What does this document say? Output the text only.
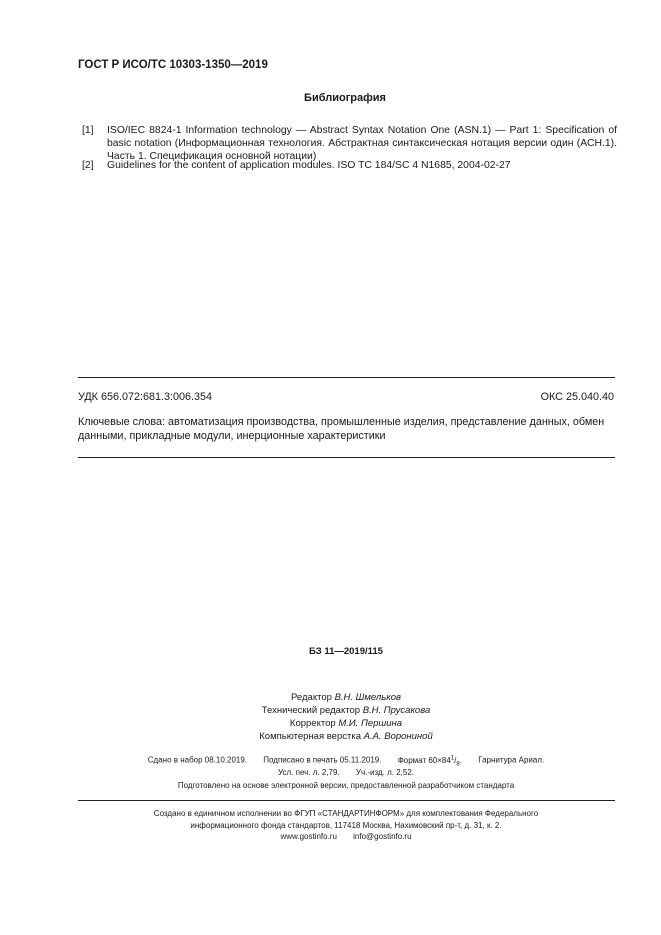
ГОСТ Р ИСО/ТС 10303-1350—2019
Библиография
[1] ISO/IEC 8824-1 Information technology — Abstract Syntax Notation One (ASN.1) — Part 1: Specification of basic notation (Информационная технология. Абстрактная синтаксическая нотация версии один (АСН.1). Часть 1. Спецификация основной нотации)
[2] Guidelines for the content of application modules. ISO TC 184/SC 4 N1685, 2004-02-27
УДК 656.072:681.3:006.354	ОКС 25.040.40
Ключевые слова: автоматизация производства, промышленные изделия, представление данных, обмен данными, прикладные модули, инерционные характеристики
БЗ 11—2019/115
Редактор В.Н. Шмельков
Технический редактор В.Н. Прусакова
Корректор М.И. Першина
Компьютерная верстка А.А. Ворониной
Сдано в набор 08.10.2019. Подписано в печать 05.11.2019. Формат $60\times 84^1/_8$. Гарнитура Ариал.
Усл. печ. л. 2,79. Уч.-изд. л. 2,52.
Подготовлено на основе электронной версии, предоставленной разработчиком стандарта
Создано в единичном исполнении во ФГУП «СТАНДАРТИНФОРМ» для комплектования Федерального
информационного фонда стандартов, 117418 Москва, Нахимовский пр-т, д. 31, к. 2.
www.gostinfo.ru info@gostinfo.ru
